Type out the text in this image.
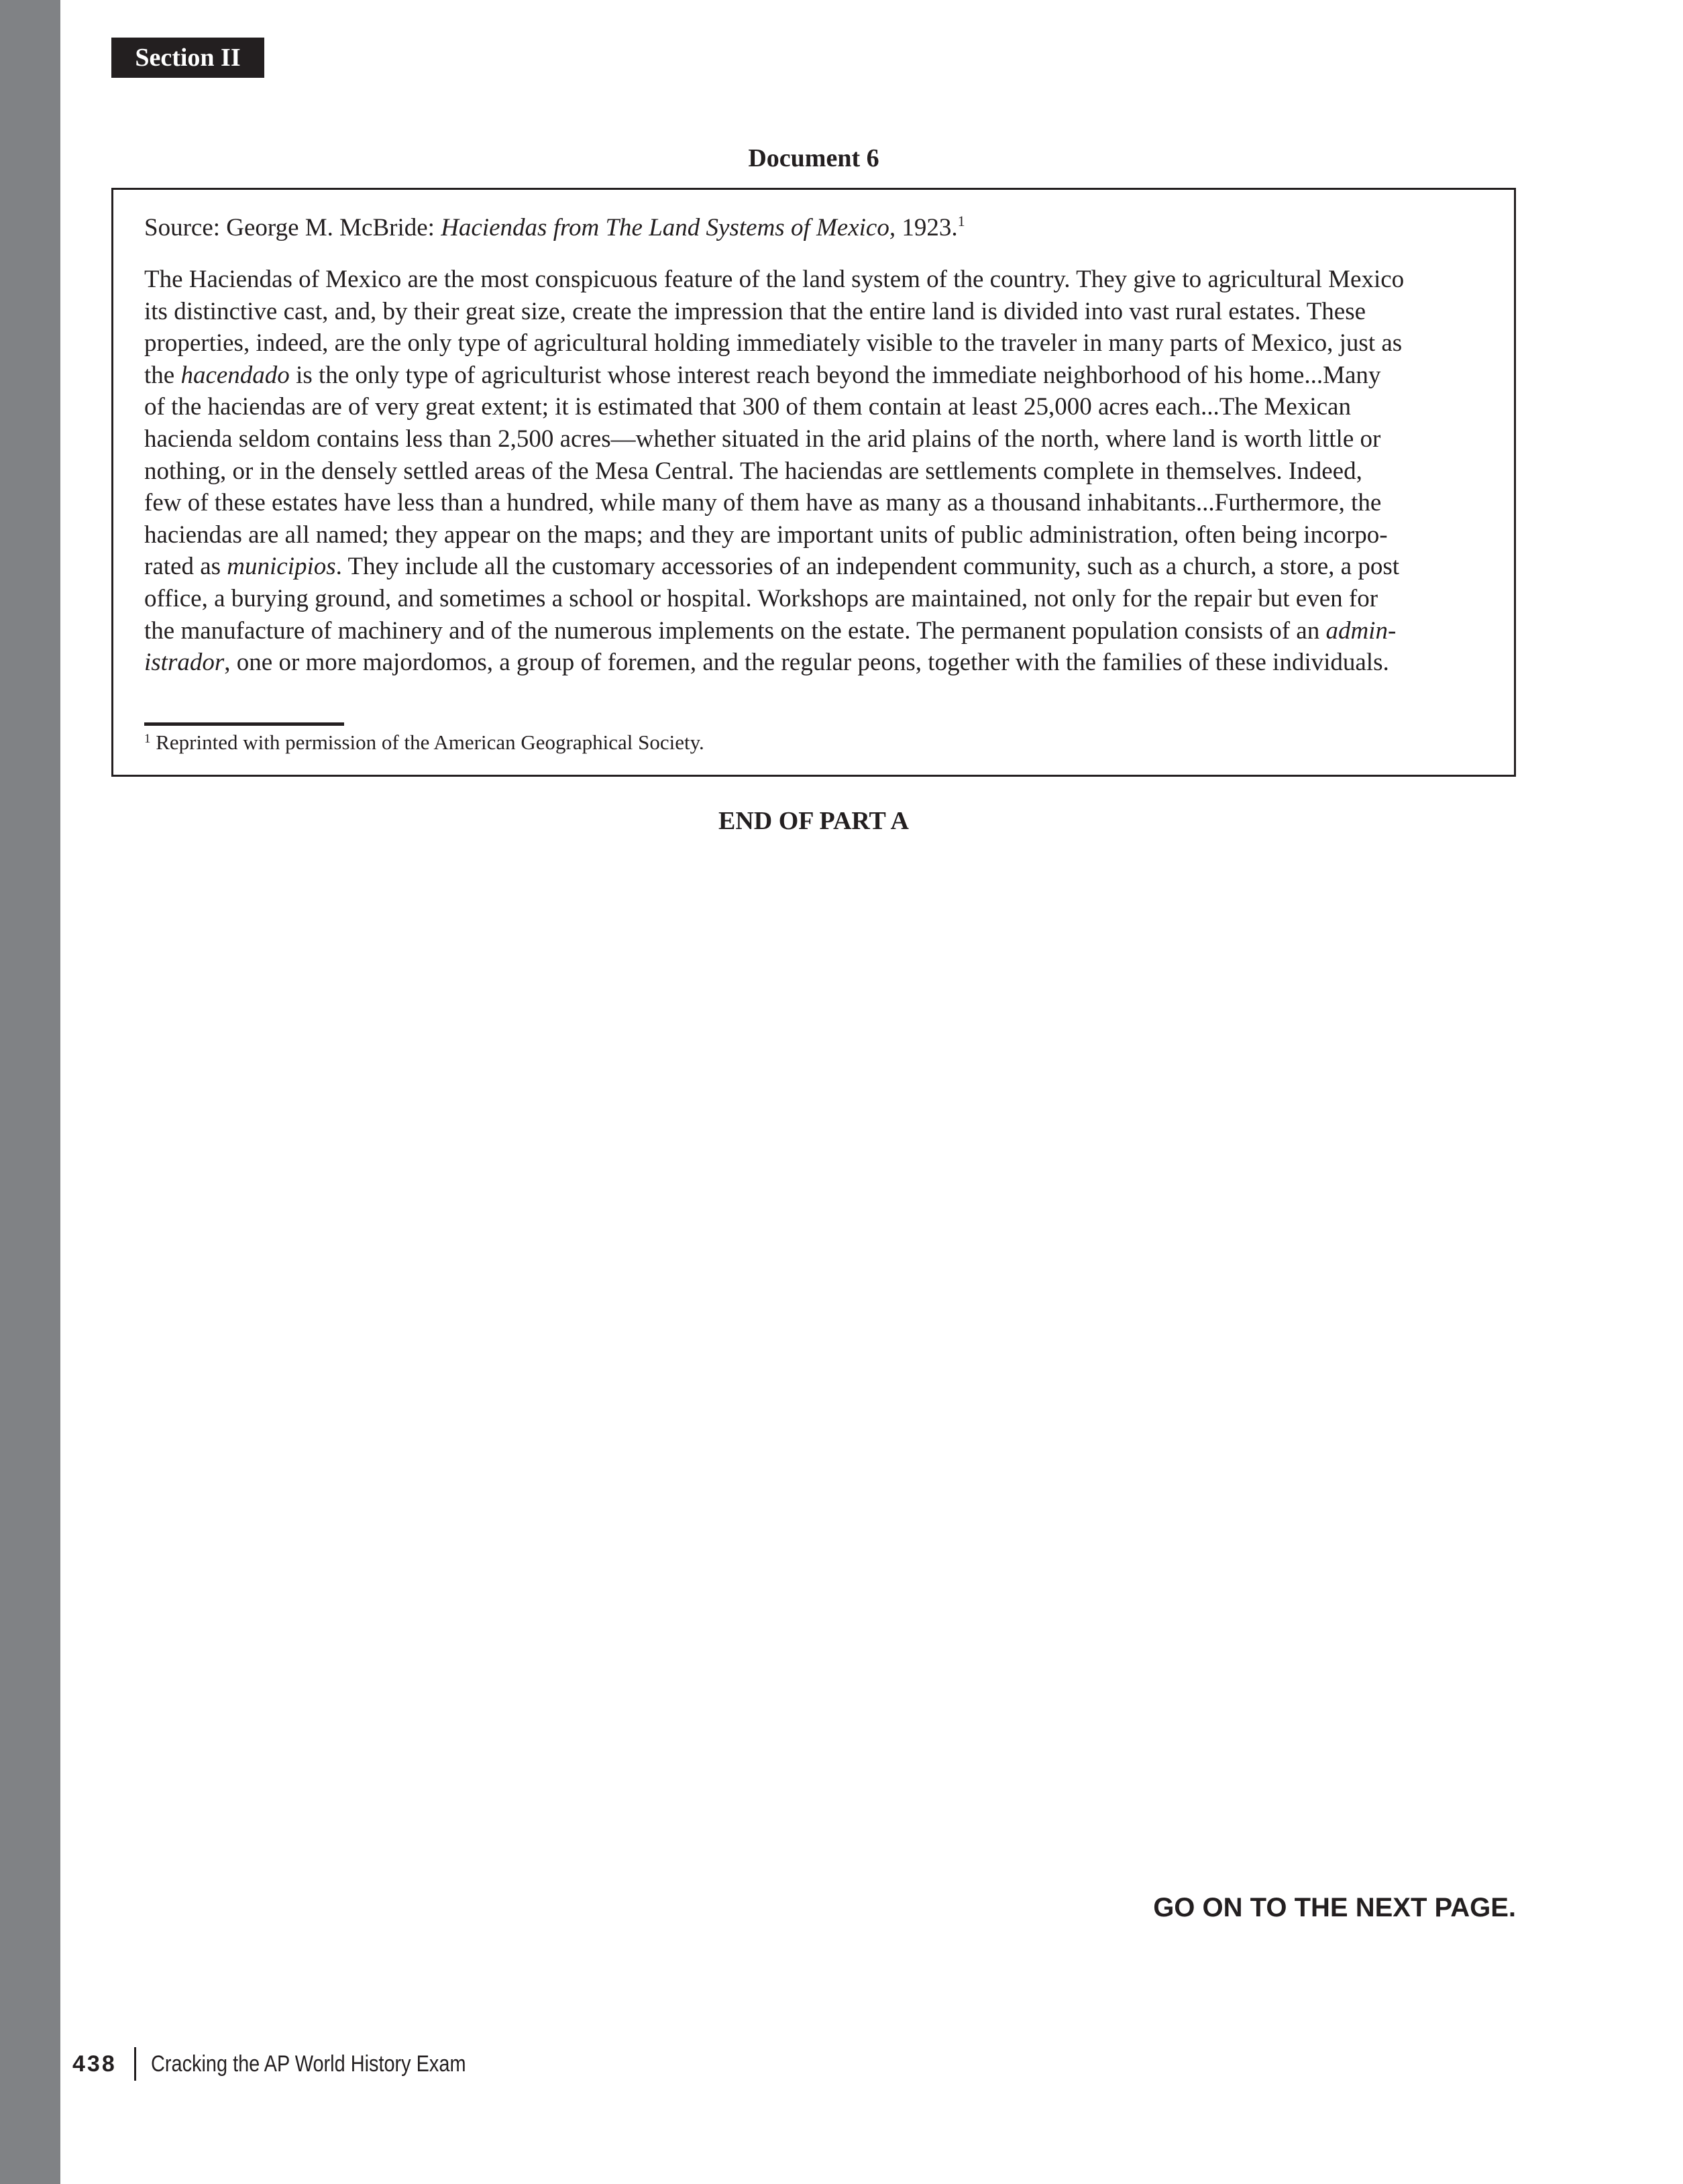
Section II
Document 6
Source: George M. McBride: Haciendas from The Land Systems of Mexico, 1923.$^1$
The Haciendas of Mexico are the most conspicuous feature of the land system of the country. They give to agricultural Mexico
its distinctive cast, and, by their great size, create the impression that the entire land is divided into vast rural estates. These
properties, indeed, are the only type of agricultural holding immediately visible to the traveler in many parts of Mexico, just as
the hacendado is the only type of agriculturist whose interest reach beyond the immediate neighborhood of his home...Many
of the haciendas are of very great extent; it is estimated that 300 of them contain at least 25,000 acres each...The Mexican
hacienda seldom contains less than 2,500 acres—whether situated in the arid plains of the north, where land is worth little or
nothing, or in the densely settled areas of the Mesa Central. The haciendas are settlements complete in themselves. Indeed,
few of these estates have less than a hundred, while many of them have as many as a thousand inhabitants...Furthermore, the
haciendas are all named; they appear on the maps; and they are important units of public administration, often being incorpo-
rated as municipios. They include all the customary accessories of an independent community, such as a church, a store, a post
office, a burying ground, and sometimes a school or hospital. Workshops are maintained, not only for the repair but even for
the manufacture of machinery and of the numerous implements on the estate. The permanent population consists of an admin-
istrador, one or more majordomos, a group of foremen, and the regular peons, together with the families of these individuals.
$^1$ Reprinted with permission of the American Geographical Society.
END OF PART A
GO ON TO THE NEXT PAGE.
438 Cracking the AP World History Exam
